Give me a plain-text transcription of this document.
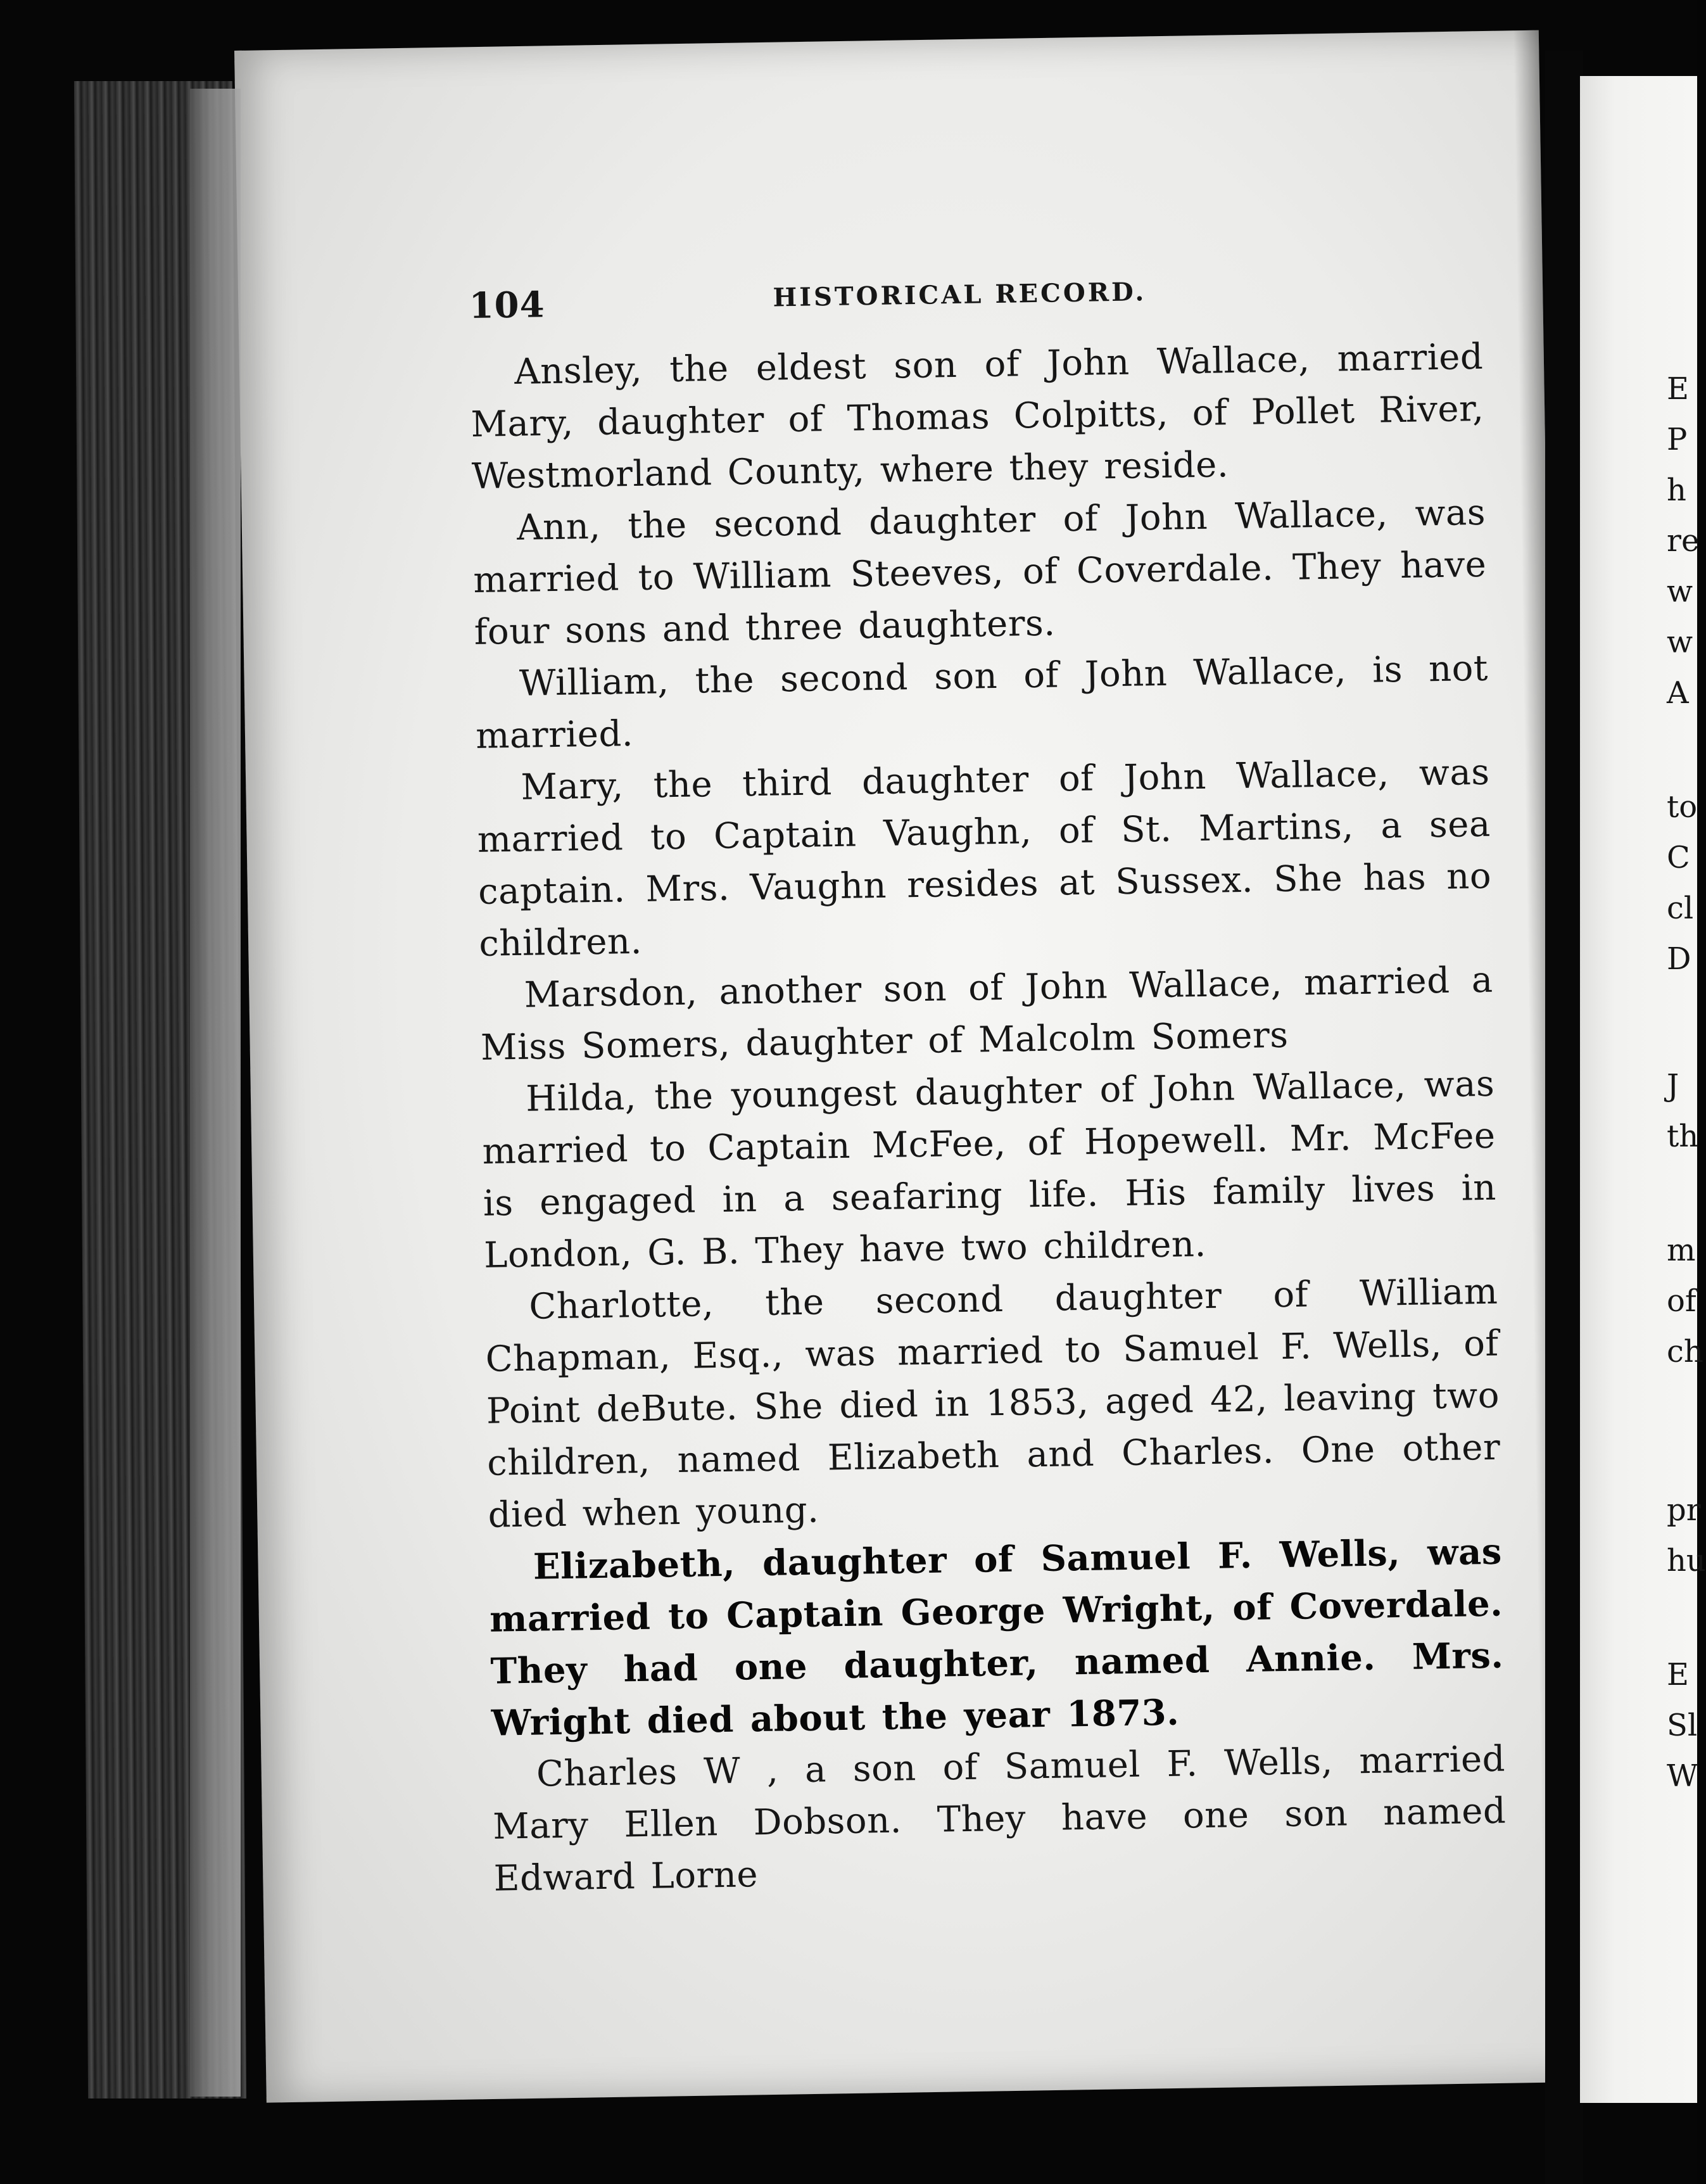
E
P
h
re
w
w
A
to
C
cl
D
J
th
m
of
ch
pr
hu
E
Sl
W
104	HISTORICAL RECORD.

Ansley, the eldest son of John Wallace, married Mary, daughter of Thomas Colpitts, of Pollet River, Westmorland County, where they reside.

Ann, the second daughter of John Wallace, was married to William Steeves, of Coverdale. They have four sons and three daughters.

William, the second son of John Wallace, is not married.

Mary, the third daughter of John Wallace, was married to Captain Vaughn, of St. Martins, a sea captain. Mrs. Vaughn resides at Sussex. She has no children.

Marsdon, another son of John Wallace, married a Miss Somers, daughter of Malcolm Somers

Hilda, the youngest daughter of John Wallace, was married to Captain McFee, of Hopewell. Mr. McFee is engaged in a seafaring life. His family lives in London, G. B. They have two children.

Charlotte, the second daughter of William Chapman, Esq., was married to Samuel F. Wells, of Point deBute. She died in 1853, aged 42, leaving two children, named Elizabeth and Charles. One other died when young.

Elizabeth, daughter of Samuel F. Wells, was married to Captain George Wright, of Coverdale. They had one daughter, named Annie. Mrs. Wright died about the year 1873.

Charles W , a son of Samuel F. Wells, married Mary Ellen Dobson. They have one son named Edward Lorne
